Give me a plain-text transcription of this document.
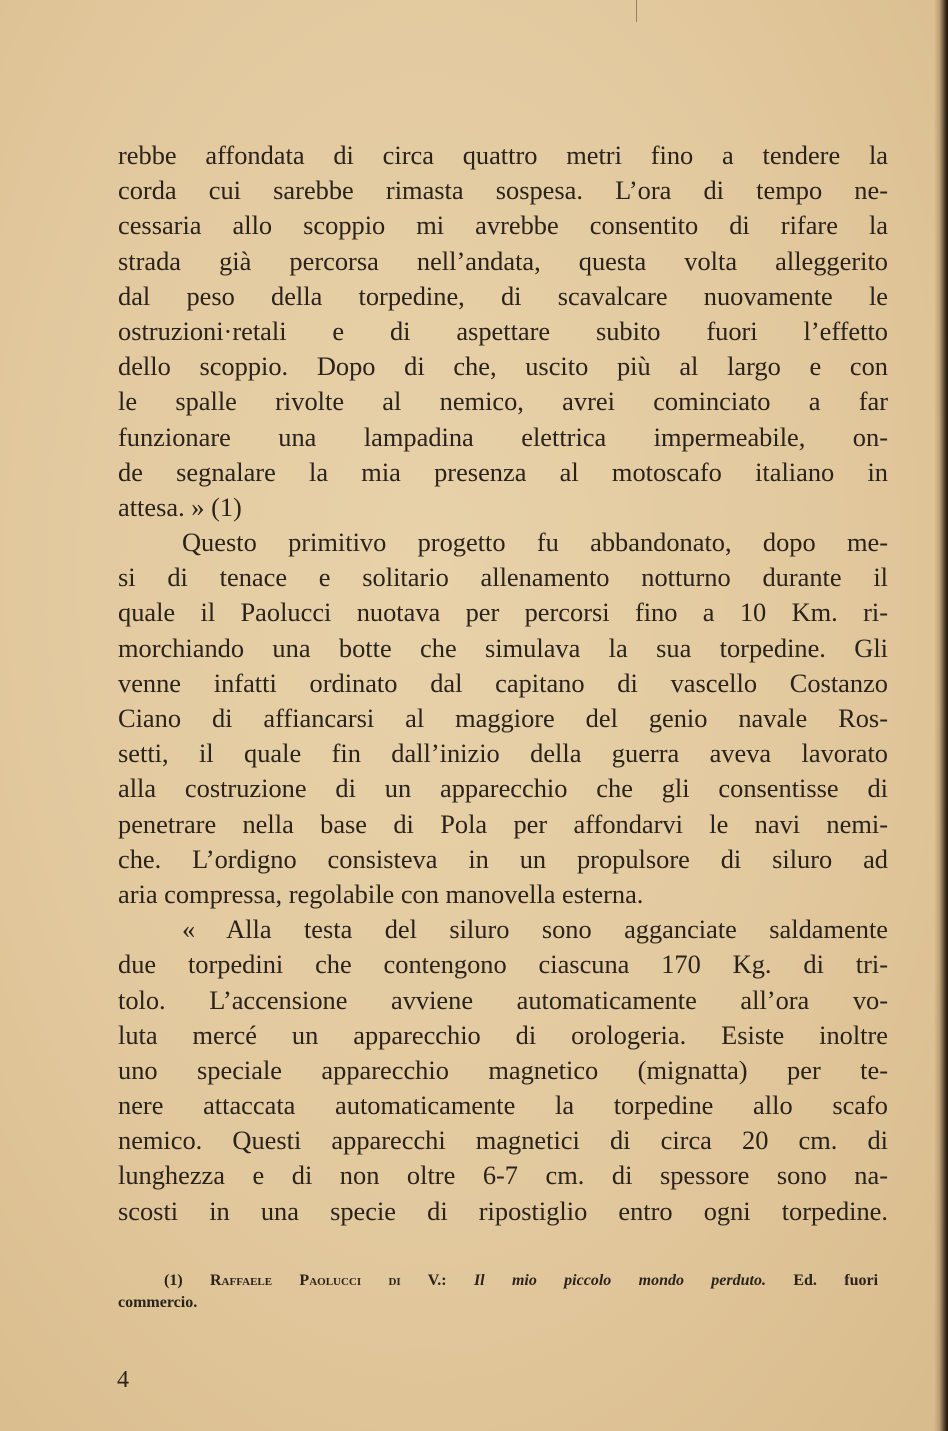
rebbe affondata di circa quattro metri fino a tendere la
corda cui sarebbe rimasta sospesa. L’ora di tempo ne-
cessaria allo scoppio mi avrebbe consentito di rifare la
strada già percorsa nell’andata, questa volta alleggerito
dal peso della torpedine, di scavalcare nuovamente le
ostruzioni·retali e di aspettare subito fuori l’effetto
dello scoppio. Dopo di che, uscito più al largo e con
le spalle rivolte al nemico, avrei cominciato a far
funzionare una lampadina elettrica impermeabile, on-
de segnalare la mia presenza al motoscafo italiano in
attesa. » (1)
Questo primitivo progetto fu abbandonato, dopo me-
si di tenace e solitario allenamento notturno durante il
quale il Paolucci nuotava per percorsi fino a 10 Km. ri-
morchiando una botte che simulava la sua torpedine. Gli
venne infatti ordinato dal capitano di vascello Costanzo
Ciano di affiancarsi al maggiore del genio navale Ros-
setti, il quale fin dall’inizio della guerra aveva lavorato
alla costruzione di un apparecchio che gli consentisse di
penetrare nella base di Pola per affondarvi le navi nemi-
che. L’ordigno consisteva in un propulsore di siluro ad
aria compressa, regolabile con manovella esterna.
« Alla testa del siluro sono agganciate saldamente
due torpedini che contengono ciascuna 170 Kg. di tri-
tolo. L’accensione avviene automaticamente all’ora vo-
luta mercé un apparecchio di orologeria. Esiste inoltre
uno speciale apparecchio magnetico (mignatta) per te-
nere attaccata automaticamente la torpedine allo scafo
nemico. Questi apparecchi magnetici di circa 20 cm. di
lunghezza e di non oltre 6-7 cm. di spessore sono na-
scosti in una specie di ripostiglio entro ogni torpedine.
(1) Raffaele Paolucci di V.: Il mio piccolo mondo perduto. Ed. fuori
commercio.
4
